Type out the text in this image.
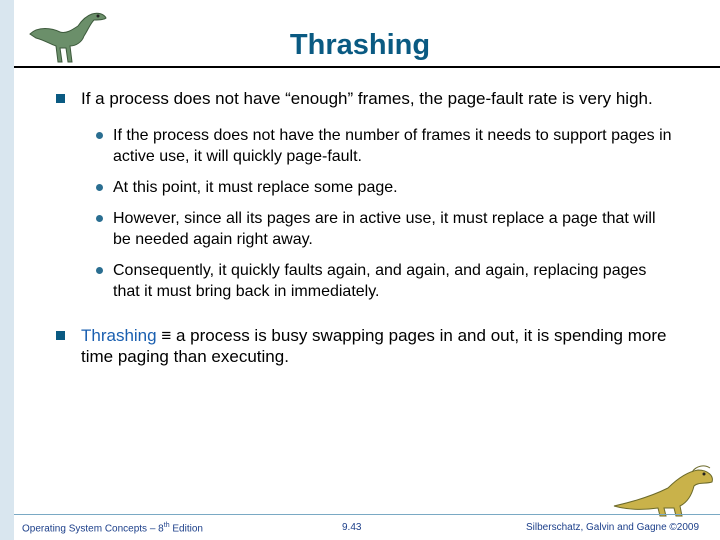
Thrashing
If a process does not have “enough” frames, the page-fault rate is very high.
If the process does not have the number of frames it needs to support pages in active use, it will quickly page-fault.
At this point, it must replace some page.
However, since all its pages are in active use, it must replace a page that will be needed again right away.
Consequently, it quickly faults again, and again, and again, replacing pages that it must bring back in immediately.
Thrashing ≡ a process is busy swapping pages in and out, it is spending more time paging than executing.
Operating System Concepts – 8th Edition	9.43	Silberschatz, Galvin and Gagne ©2009
